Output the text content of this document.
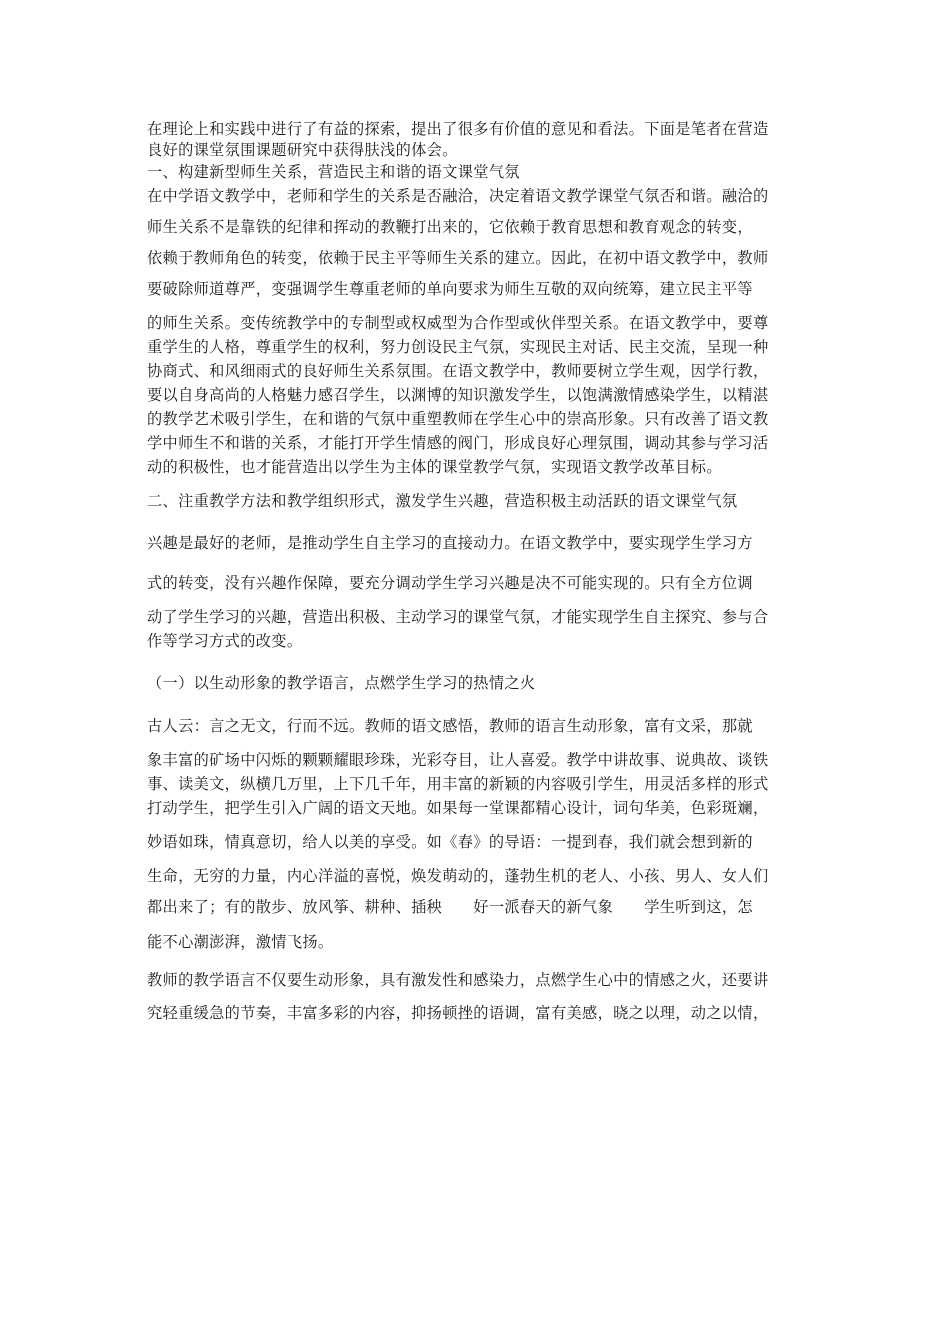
在理论上和实践中进行了有益的探索，提出了很多有价值的意见和看法。下面是笔者在营造
良好的课堂氛围课题研究中获得肤浅的体会。
一、构建新型师生关系，营造民主和谐的语文课堂气氛
在中学语文教学中，老师和学生的关系是否融洽，决定着语文教学课堂气氛否和谐。融洽的
师生关系不是靠铁的纪律和挥动的教鞭打出来的，它依赖于教育思想和教育观念的转变，
依赖于教师角色的转变，依赖于民主平等师生关系的建立。因此，在初中语文教学中，教师
要破除师道尊严，变强调学生尊重老师的单向要求为师生互敬的双向统筹，建立民主平等
的师生关系。变传统教学中的专制型或权威型为合作型或伙伴型关系。在语文教学中，要尊
重学生的人格，尊重学生的权利，努力创设民主气氛，实现民主对话、民主交流，呈现一种
协商式、和风细雨式的良好师生关系氛围。在语文教学中，教师要树立学生观，因学行教，
要以自身高尚的人格魅力感召学生，以渊博的知识激发学生，以饱满激情感染学生，以精湛
的教学艺术吸引学生，在和谐的气氛中重塑教师在学生心中的崇高形象。只有改善了语文教
学中师生不和谐的关系，才能打开学生情感的阀门，形成良好心理氛围，调动其参与学习活
动的积极性，也才能营造出以学生为主体的课堂教学气氛，实现语文教学改革目标。
二、注重教学方法和教学组织形式，激发学生兴趣，营造积极主动活跃的语文课堂气氛
兴趣是最好的老师，是推动学生自主学习的直接动力。在语文教学中，要实现学生学习方
式的转变，没有兴趣作保障，要充分调动学生学习兴趣是决不可能实现的。只有全方位调
动了学生学习的兴趣，营造出积极、主动学习的课堂气氛，才能实现学生自主探究、参与合
作等学习方式的改变。
（一）以生动形象的教学语言，点燃学生学习的热情之火
古人云：言之无文，行而不远。教师的语文感悟，教师的语言生动形象，富有文采，那就
象丰富的矿场中闪烁的颗颗耀眼珍珠，光彩夺目，让人喜爱。教学中讲故事、说典故、谈铁
事、读美文，纵横几万里，上下几千年，用丰富的新颖的内容吸引学生，用灵活多样的形式
打动学生，把学生引入广阔的语文天地。如果每一堂课都精心设计，词句华美，色彩斑斓，
妙语如珠，情真意切，给人以美的享受。如《春》的导语：一提到春，我们就会想到新的
生命，无穷的力量，内心洋溢的喜悦，焕发萌动的，蓬勃生机的老人、小孩、男人、女人们
都出来了；有的散步、放风筝、耕种、插秧　　好一派春天的新气象　　学生听到这，怎
能不心潮澎湃，激情飞扬。
教师的教学语言不仅要生动形象，具有激发性和感染力，点燃学生心中的情感之火，还要讲
究轻重缓急的节奏，丰富多彩的内容，抑扬顿挫的语调，富有美感，晓之以理，动之以情，
